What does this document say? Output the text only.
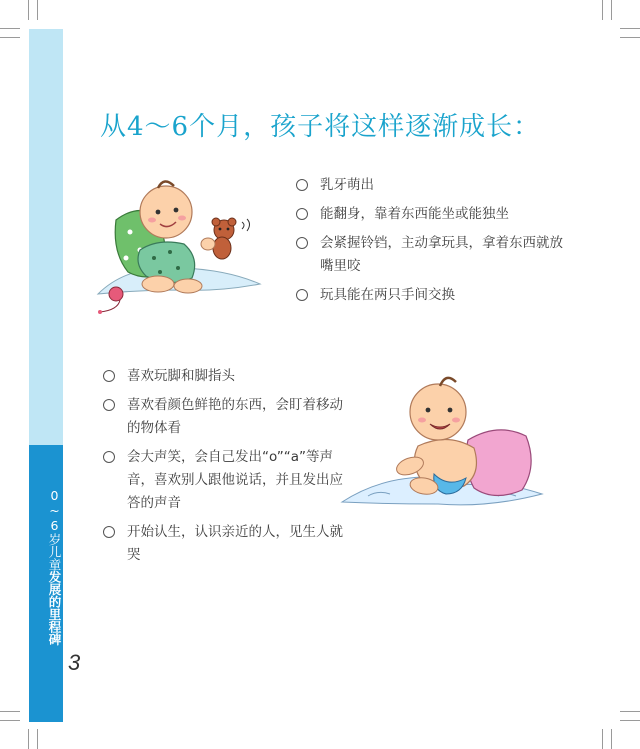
0~6岁儿童发展的里程碑
3
从4～6个月，孩子将这样逐渐成长：
乳牙萌出
能翻身，靠着东西能坐或能独坐
会紧握铃铛，主动拿玩具，拿着东西就放嘴里咬
玩具能在两只手间交换
喜欢玩脚和脚指头
喜欢看颜色鲜艳的东西，会盯着移动的物体看
会大声笑，会自己发出“o”“a”等声音，喜欢别人跟他说话，并且发出应答的声音
开始认生，认识亲近的人，见生人就哭
